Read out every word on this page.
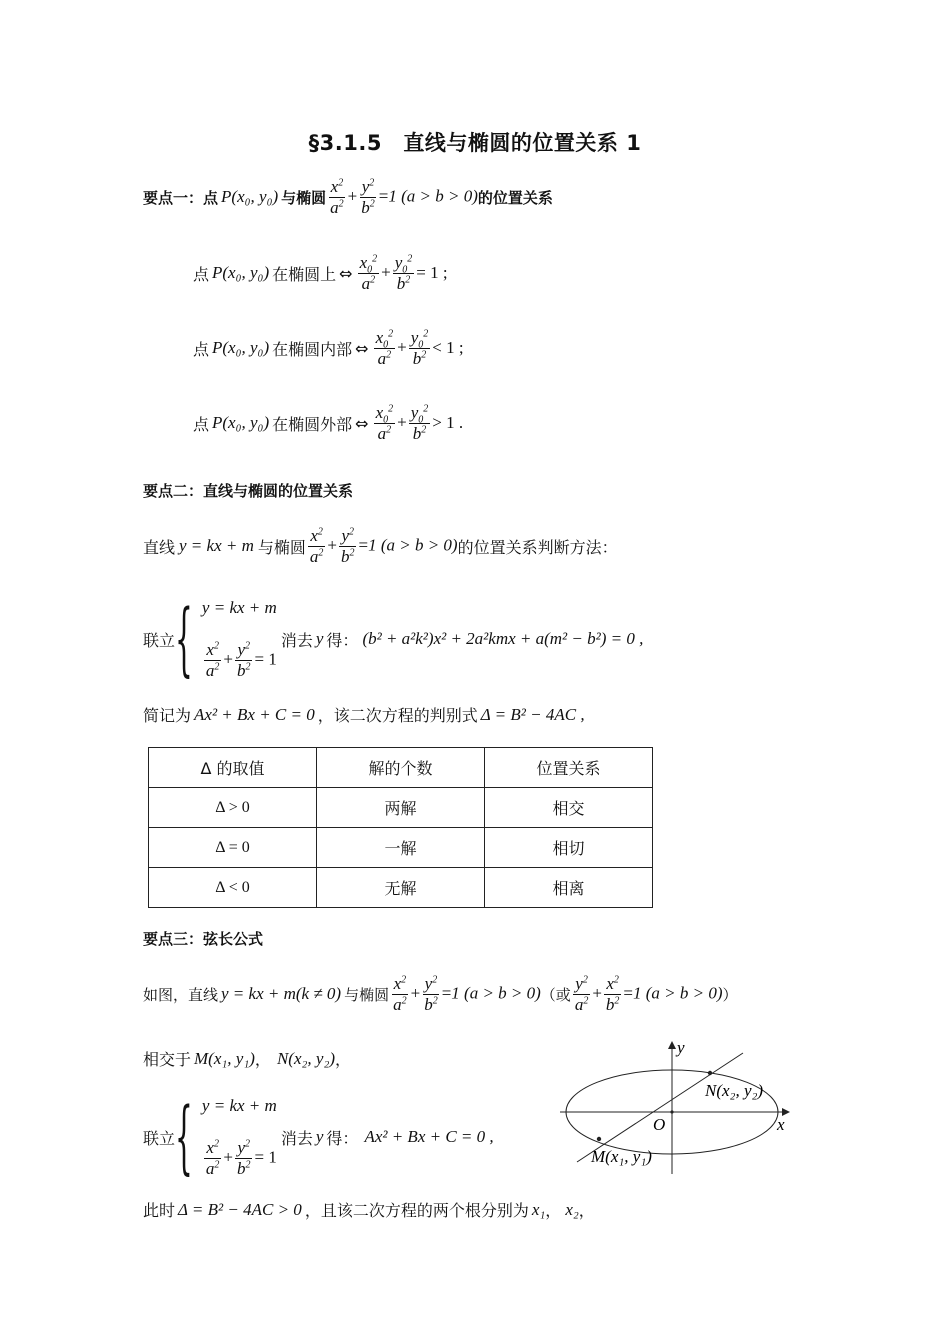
§3.1.5　直线与椭圆的位置关系 1
要点一： 点 P(x₀, y₀) 与椭圆 $\frac{x^2}{a^2} + \frac{y^2}{b^2} =1$ (a > b > 0) 的位置关系
点 P(x₀, y₀) 在椭圆上 ⇔ $\frac{x_0^2}{a^2} + \frac{y_0^2}{b^2} = 1$ ;
点 P(x₀, y₀) 在椭圆内部 ⇔ $\frac{x_0^2}{a^2} + \frac{y_0^2}{b^2} < 1$ ;
点 P(x₀, y₀) 在椭圆外部 ⇔ $\frac{x_0^2}{a^2} + \frac{y_0^2}{b^2} > 1$ .
要点二：直线与椭圆的位置关系
直线 y = kx + m 与椭圆 $\frac{x^2}{a^2} + \frac{y^2}{b^2} =1$ (a > b > 0) 的位置关系判断方法：
联立 { y = kx + m
$\frac{x^2}{a^2} + \frac{y^2}{b^2} = 1$
消去 y 得： (b² + a²k²)x² + 2a²kmx + a(m² − b²) = 0 ,
简记为 Ax² + Bx + C = 0 ，该二次方程的判别式 Δ = B² − 4AC ,
Δ 的取值	解的个数	位置关系
Δ > 0	两解	相交
Δ = 0	一解	相切
Δ < 0	无解	相离
要点三：弦长公式
如图，直线 y = kx + m(k ≠ 0) 与椭圆 $\frac{x^2}{a^2} + \frac{y^2}{b^2} =1$ (a > b > 0) （或 $\frac{y^2}{a^2} + \frac{x^2}{b^2} =1$ (a > b > 0) ）
相交于 M(x₁, y₁) ， N(x₂, y₂) ，
联立 { y = kx + m
$\frac{x^2}{a^2} + \frac{y^2}{b^2} = 1$
消去 y 得： Ax² + Bx + C = 0 ,
此时 Δ = B² − 4AC > 0 ，且该二次方程的两个根分别为 x₁ ， x₂ ，
y
x
O
N(x₂, y₂)
M(x₁, y₁)
